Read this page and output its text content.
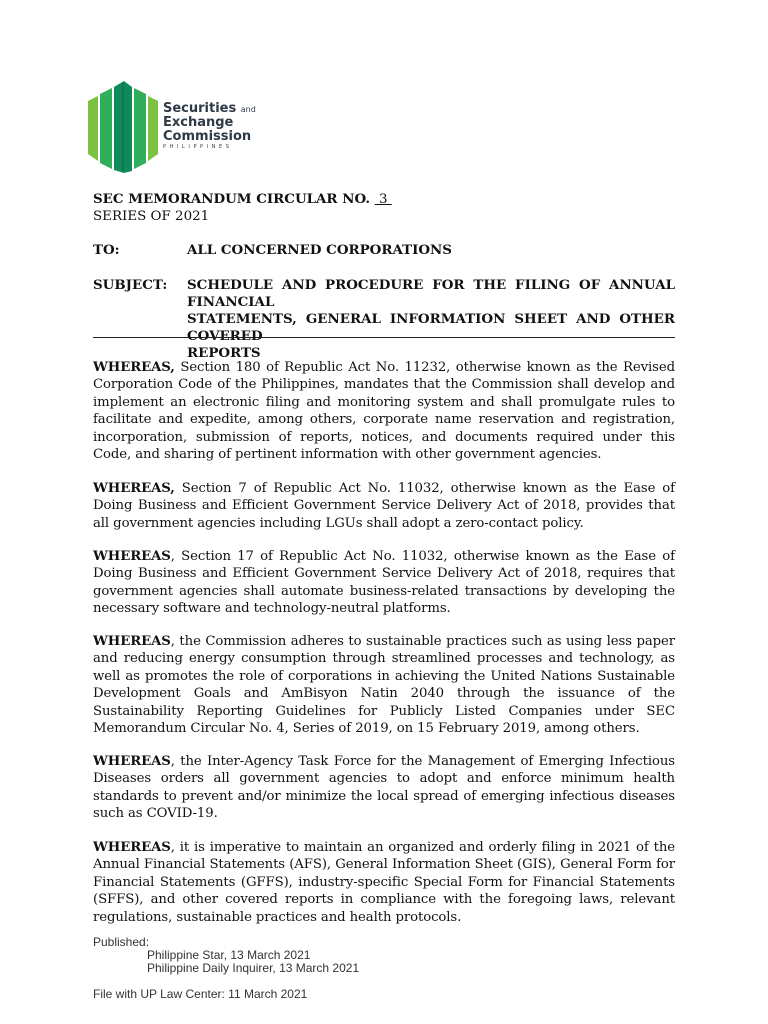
Securities and
Exchange
Commission
P H I L I P P I N E S
SEC MEMORANDUM CIRCULAR NO. 3
SERIES OF 2021
TO:	ALL CONCERNED CORPORATIONS
SUBJECT: SCHEDULE AND PROCEDURE FOR THE FILING OF ANNUAL FINANCIAL
STATEMENTS, GENERAL INFORMATION SHEET AND OTHER COVERED
REPORTS
WHEREAS, Section 180 of Republic Act No. 11232, otherwise known as the Revised Corporation Code of the Philippines, mandates that the Commission shall develop and implement an electronic filing and monitoring system and shall promulgate rules to facilitate and expedite, among others, corporate name reservation and registration, incorporation, submission of reports, notices, and documents required under this Code, and sharing of pertinent information with other government agencies.
WHEREAS, Section 7 of Republic Act No. 11032, otherwise known as the Ease of Doing Business and Efficient Government Service Delivery Act of 2018, provides that all government agencies including LGUs shall adopt a zero-contact policy.
WHEREAS, Section 17 of Republic Act No. 11032, otherwise known as the Ease of Doing Business and Efficient Government Service Delivery Act of 2018, requires that government agencies shall automate business-related transactions by developing the necessary software and technology-neutral platforms.
WHEREAS, the Commission adheres to sustainable practices such as using less paper and reducing energy consumption through streamlined processes and technology, as well as promotes the role of corporations in achieving the United Nations Sustainable Development Goals and AmBisyon Natin 2040 through the issuance of the Sustainability Reporting Guidelines for Publicly Listed Companies under SEC Memorandum Circular No. 4, Series of 2019, on 15 February 2019, among others.
WHEREAS, the Inter-Agency Task Force for the Management of Emerging Infectious Diseases orders all government agencies to adopt and enforce minimum health standards to prevent and/or minimize the local spread of emerging infectious diseases such as COVID-19.
WHEREAS, it is imperative to maintain an organized and orderly filing in 2021 of the Annual Financial Statements (AFS), General Information Sheet (GIS), General Form for Financial Statements (GFFS), industry-specific Special Form for Financial Statements (SFFS), and other covered reports in compliance with the foregoing laws, relevant regulations, sustainable practices and health protocols.
Published:
Philippine Star, 13 March 2021
Philippine Daily Inquirer, 13 March 2021
File with UP Law Center: 11 March 2021
